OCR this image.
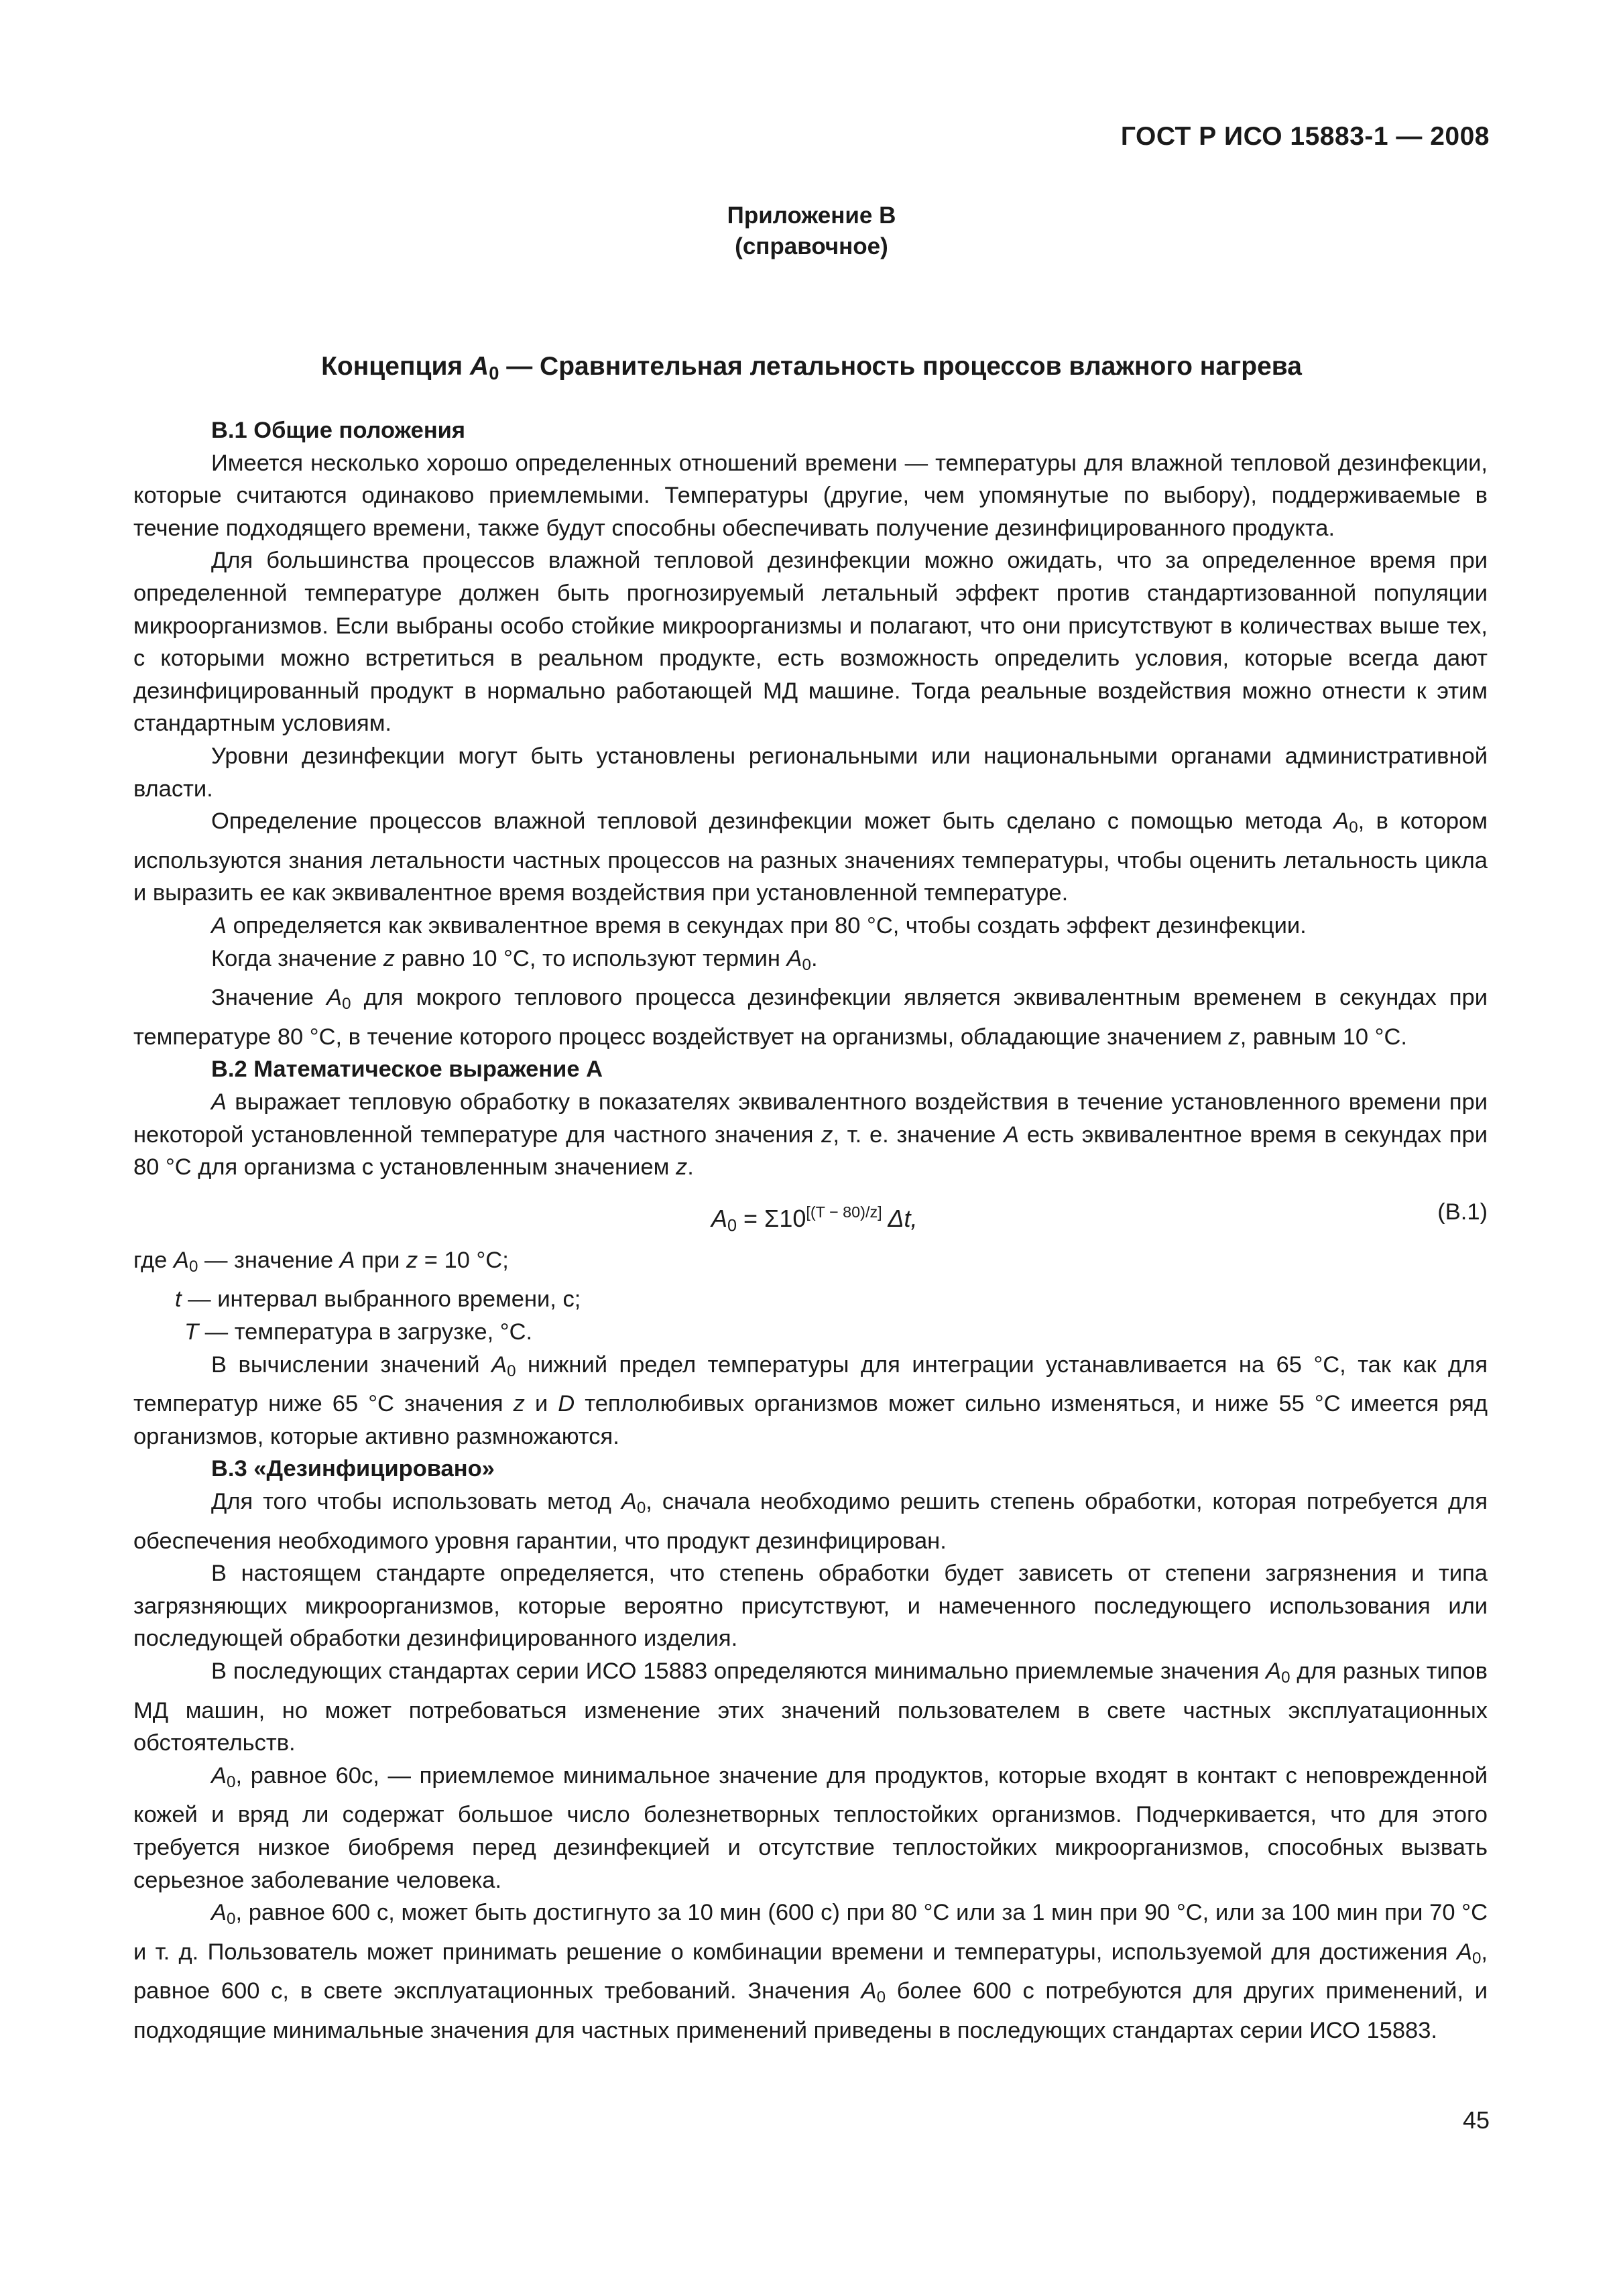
ГОСТ Р ИСО 15883-1 — 2008
Приложение В
(справочное)
Концепция $A_0$ — Сравнительная летальность процессов влажного нагрева

В.1 Общие положения

Имеется несколько хорошо определенных отношений времени — температуры для влажной тепловой дезинфекции, которые считаются одинаково приемлемыми. Температуры (другие, чем упомянутые по выбору), поддерживаемые в течение подходящего времени, также будут способны обеспечивать получение дезинфицированного продукта.

Для большинства процессов влажной тепловой дезинфекции можно ожидать, что за определенное время при определенной температуре должен быть прогнозируемый летальный эффект против стандартизованной популяции микроорганизмов. Если выбраны особо стойкие микроорганизмы и полагают, что они присутствуют в количествах выше тех, с которыми можно встретиться в реальном продукте, есть возможность определить условия, которые всегда дают дезинфицированный продукт в нормально работающей МД машине. Тогда реальные воздействия можно отнести к этим стандартным условиям.

Уровни дезинфекции могут быть установлены региональными или национальными органами административной власти.

Определение процессов влажной тепловой дезинфекции может быть сделано с помощью метода $A_0$, в котором используются знания летальности частных процессов на разных значениях температуры, чтобы оценить летальность цикла и выразить ее как эквивалентное время воздействия при установленной температуре.

A определяется как эквивалентное время в секундах при 80 °С, чтобы создать эффект дезинфекции.

Когда значение z равно 10 °С, то используют термин $A_0$.

Значение $A_0$ для мокрого теплового процесса дезинфекции является эквивалентным временем в секундах при температуре 80 °С, в течение которого процесс воздействует на организмы, обладающие значением z, равным 10 °С.

В.2 Математическое выражение А

A выражает тепловую обработку в показателях эквивалентного воздействия в течение установленного времени при некоторой установленной температуре для частного значения z, т. е. значение A есть эквивалентное время в секундах при 80 °С для организма с установленным значением z.

$A_0 = \Sigma 10[(T - 80)/z]$ Δt,	(В.1)

где $A_0$ — значение A при z = 10 °С;

t — интервал выбранного времени, с;

T — температура в загрузке, °С.

В вычислении значений $A_0$ нижний предел температуры для интеграции устанавливается на 65 °С, так как для температур ниже 65 °С значения z и D теплолюбивых организмов может сильно изменяться, и ниже 55 °С имеется ряд организмов, которые активно размножаются.

В.3 «Дезинфицировано»

Для того чтобы использовать метод $A_0$, сначала необходимо решить степень обработки, которая потребуется для обеспечения необходимого уровня гарантии, что продукт дезинфицирован.

В настоящем стандарте определяется, что степень обработки будет зависеть от степени загрязнения и типа загрязняющих микроорганизмов, которые вероятно присутствуют, и намеченного последующего использования или последующей обработки дезинфицированного изделия.

В последующих стандартах серии ИСО 15883 определяются минимально приемлемые значения $A_0$ для разных типов МД машин, но может потребоваться изменение этих значений пользователем в свете частных эксплуатационных обстоятельств.

$A_0$, равное 60с, — приемлемое минимальное значение для продуктов, которые входят в контакт с неповрежденной кожей и вряд ли содержат большое число болезнетворных теплостойких организмов. Подчеркивается, что для этого требуется низкое биобремя перед дезинфекцией и отсутствие теплостойких микроорганизмов, способных вызвать серьезное заболевание человека.

$A_0$, равное 600 с, может быть достигнуто за 10 мин (600 с) при 80 °С или за 1 мин при 90 °С, или за 100 мин при 70 °С и т. д. Пользователь может принимать решение о комбинации времени и температуры, используемой для достижения $A_0$, равное 600 с, в свете эксплуатационных требований. Значения $A_0$ более 600 с потребуются для других применений, и подходящие минимальные значения для частных применений приведены в последующих стандартах серии ИСО 15883.

45
